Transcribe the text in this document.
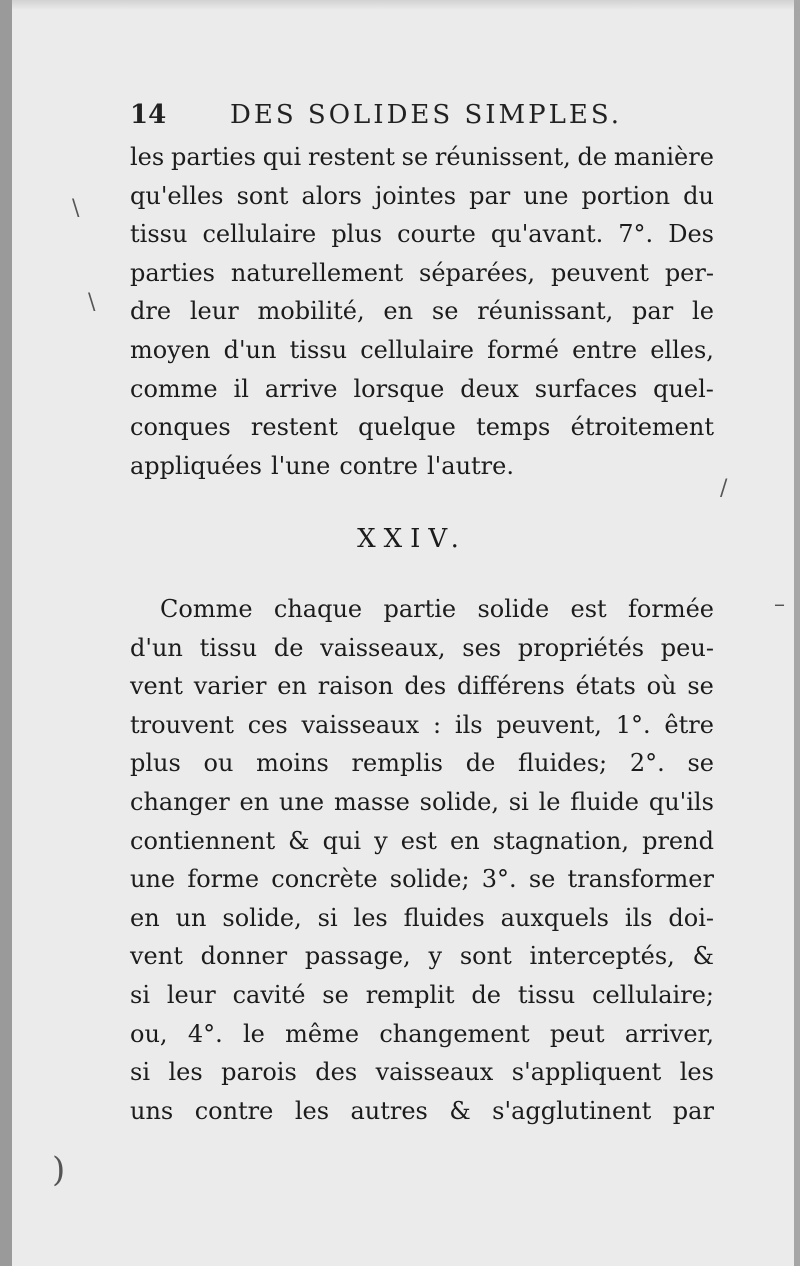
14 DES SOLIDES SIMPLES.
les parties qui restent se réunissent, de manière
qu'elles sont alors jointes par une portion du
tissu cellulaire plus courte qu'avant. 7°. Des
parties naturellement séparées, peuvent per-
dre leur mobilité, en se réunissant, par le
moyen d'un tissu cellulaire formé entre elles,
comme il arrive lorsque deux surfaces quel-
conques restent quelque temps étroitement
appliquées l'une contre l'autre.
XXIV.
Comme chaque partie solide est formée
d'un tissu de vaisseaux, ses propriétés peu-
vent varier en raison des différens états où se
trouvent ces vaisseaux : ils peuvent, 1°. être
plus ou moins remplis de fluides; 2°. se
changer en une masse solide, si le fluide qu'ils
contiennent & qui y est en stagnation, prend
une forme concrète solide; 3°. se transformer
en un solide, si les fluides auxquels ils doi-
vent donner passage, y sont interceptés, &
si leur cavité se remplit de tissu cellulaire;
ou, 4°. le même changement peut arriver,
si les parois des vaisseaux s'appliquent les
uns contre les autres & s'agglutinent par
\
\
/
–
)
